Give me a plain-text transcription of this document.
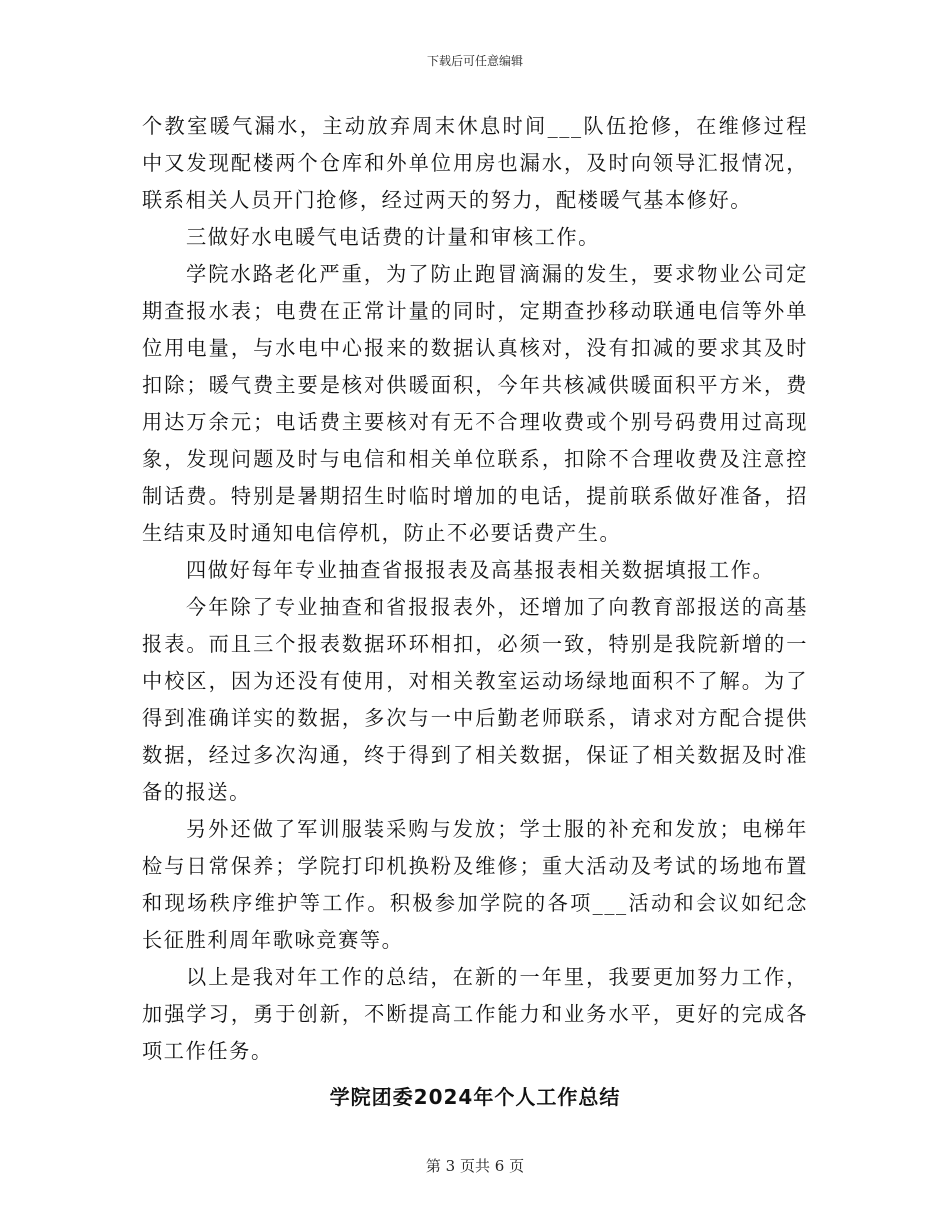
下载后可任意编辑

个教室暖气漏水，主动放弃周末休息时间___队伍抢修，在维修过程中又发现配楼两个仓库和外单位用房也漏水，及时向领导汇报情况，联系相关人员开门抢修，经过两天的努力，配楼暖气基本修好。

三做好水电暖气电话费的计量和审核工作。

学院水路老化严重，为了防止跑冒滴漏的发生，要求物业公司定期查报水表；电费在正常计量的同时，定期查抄移动联通电信等外单位用电量，与水电中心报来的数据认真核对，没有扣减的要求其及时扣除；暖气费主要是核对供暖面积，今年共核减供暖面积平方米，费用达万余元；电话费主要核对有无不合理收费或个别号码费用过高现象，发现问题及时与电信和相关单位联系，扣除不合理收费及注意控制话费。特别是暑期招生时临时增加的电话，提前联系做好准备，招生结束及时通知电信停机，防止不必要话费产生。

四做好每年专业抽查省报报表及高基报表相关数据填报工作。

今年除了专业抽查和省报报表外，还增加了向教育部报送的高基报表。而且三个报表数据环环相扣，必须一致，特别是我院新增的一中校区，因为还没有使用，对相关教室运动场绿地面积不了解。为了得到准确详实的数据，多次与一中后勤老师联系，请求对方配合提供数据，经过多次沟通，终于得到了相关数据，保证了相关数据及时准备的报送。

另外还做了军训服装采购与发放；学士服的补充和发放；电梯年检与日常保养；学院打印机换粉及维修；重大活动及考试的场地布置和现场秩序维护等工作。积极参加学院的各项___活动和会议如纪念长征胜利周年歌咏竞赛等。

以上是我对年工作的总结，在新的一年里，我要更加努力工作，加强学习，勇于创新，不断提高工作能力和业务水平，更好的完成各项工作任务。

学院团委2024年个人工作总结
第 3 页共 6 页
